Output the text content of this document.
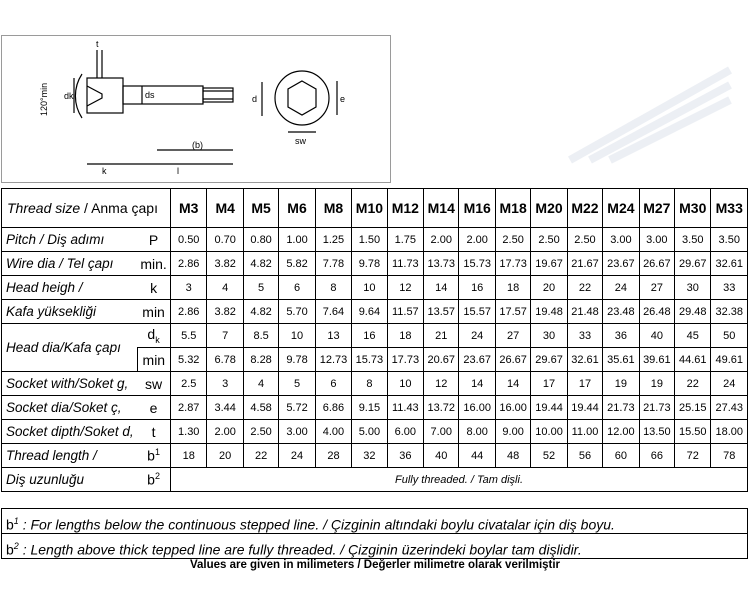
t
120°min dk
k	l
(b)
ds	d	e
sw
Thread size / Anma çapı		M3	M4	M5	M6	M8	M10	M12	M14	M16	M18	M20	M22	M24	M27	M30	M33
Pitch / Diş adımı	P	0.50	0.70	0.80	1.00	1.25	1.50	1.75	2.00	2.00	2.50	2.50	2.50	3.00	3.00	3.50	3.50
Wire dia / Tel çapı	min.	2.86	3.82	4.82	5.82	7.78	9.78	11.73	13.73	15.73	17.73	19.67	21.67	23.67	26.67	29.67	32.61
Head heigh /	k	3	4	5	6	8	10	12	14	16	18	20	22	24	27	30	33
Kafa yüksekliği	min	2.86	3.82	4.82	5.70	7.64	9.64	11.57	13.57	15.57	17.57	19.48	21.48	23.48	26.48	29.48	32.38
Head dia/Kafa çapı	$d_k$	5.5	7	8.5	10	13	16	18	21	24	27	30	33	36	40	45	50
	min	5.32	6.78	8.28	9.78	12.73	15.73	17.73	20.67	23.67	26.67	29.67	32.61	35.61	39.61	44.61	49.61
Socket with/Soket g,	sw	2.5	3	4	5	6	8	10	12	14	14	17	17	19	19	22	24
Socket dia/Soket ç,	e	2.87	3.44	4.58	5.72	6.86	9.15	11.43	13.72	16.00	16.00	19.44	19.44	21.73	21.73	25.15	27.43
Socket dipth/Soket d,	t	1.30	2.00	2.50	3.00	4.00	5.00	6.00	7.00	8.00	9.00	10.00	11.00	12.00	13.50	15.50	18.00
Thread length /	$b^1$	18	20	22	24	28	32	36	40	44	48	52	56	60	66	72	78
Diş uzunluğu	$b^2$	Fully threaded. / Tam dişli.															
$b^1$ : For lengths below the continuous stepped line. / Çizginin altındaki boylu civatalar için diş boyu.
$b^2$ : Length above thick tepped line are fully threaded. / Çizginin üzerindeki boylar tam dişlidir.
Values are given in milimeters / Değerler milimetre olarak verilmiştir
